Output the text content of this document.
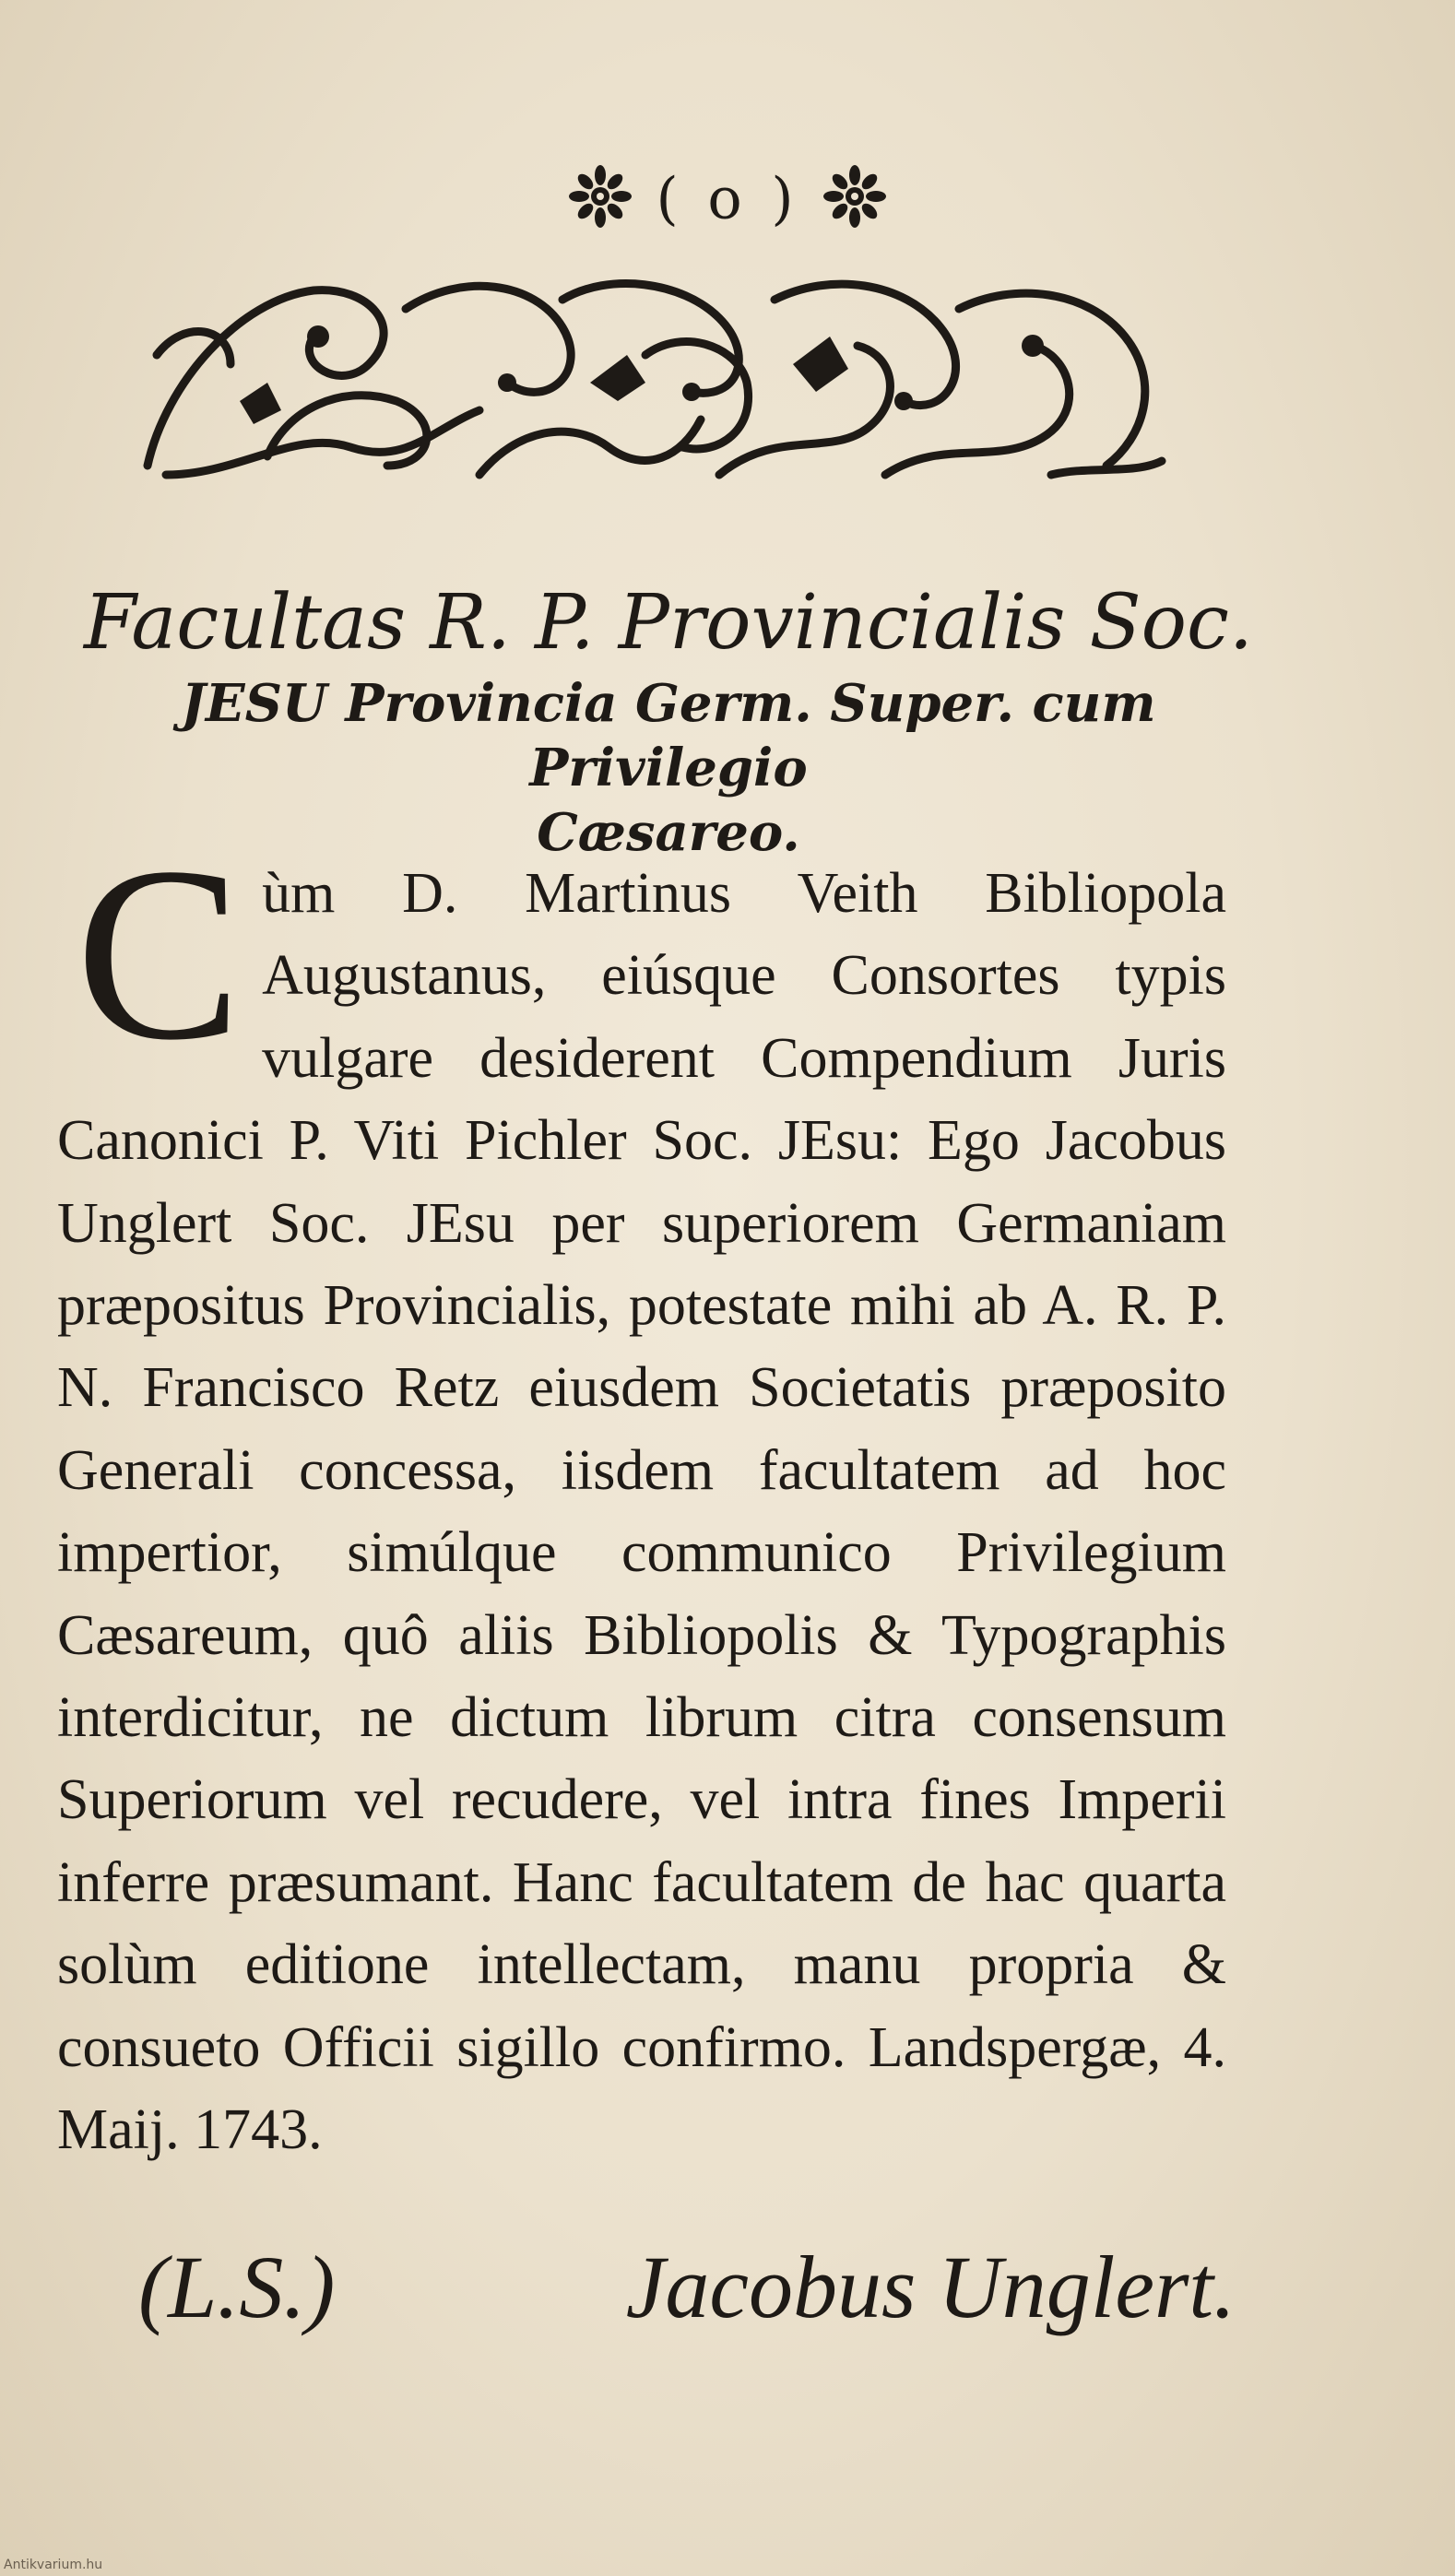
( o )
Facultas R. P. Provincialis Soc.
JESU Provincia Germ. Super. cum Privilegio
Cæsareo.
C ùm D. Martinus Veith Bibliopola Augustanus, eiúsque Consortes typis vulgare desiderent Compendium Juris Canonici P. Viti Pichler Soc. JEsu: Ego Jacobus Unglert Soc. JEsu per superiorem Germaniam præpositus Provincialis, potestate mihi ab A. R. P. N. Francisco Retz eiusdem Societatis præposito Generali concessa, iisdem facultatem ad hoc impertior, simúlque communico Privilegium Cæsareum, quô aliis Bibliopolis & Typographis interdicitur, ne dictum librum citra consensum Superiorum vel recudere, vel intra fines Imperii inferre præsumant. Hanc facultatem de hac quarta solùm editione intellectam, manu propria & consueto Officii sigillo confirmo. Landspergæ, 4. Maij. 1743.
(L.S.)	Jacobus Unglert.
Antikvarium.hu
